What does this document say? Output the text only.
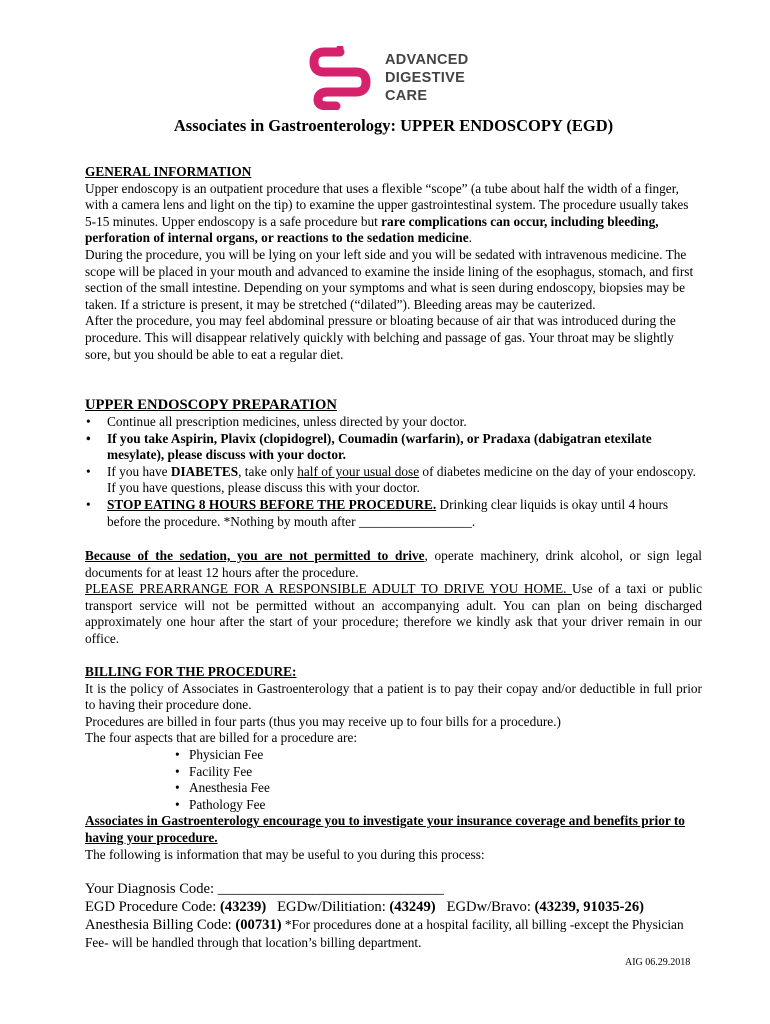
ADVANCED
DIGESTIVE
CARE
Associates in Gastroenterology: UPPER ENDOSCOPY (EGD)

GENERAL INFORMATION

Upper endoscopy is an outpatient procedure that uses a flexible “scope” (a tube about half the width of a finger, with a camera lens and light on the tip) to examine the upper gastrointestinal system. The procedure usually takes 5-15 minutes. Upper endoscopy is a safe procedure but rare complications can occur, including bleeding, perforation of internal organs, or reactions to the sedation medicine.

During the procedure, you will be lying on your left side and you will be sedated with intravenous medicine. The scope will be placed in your mouth and advanced to examine the inside lining of the esophagus, stomach, and first section of the small intestine. Depending on your symptoms and what is seen during endoscopy, biopsies may be taken. If a stricture is present, it may be stretched (“dilated”). Bleeding areas may be cauterized.

After the procedure, you may feel abdominal pressure or bloating because of air that was introduced during the procedure. This will disappear relatively quickly with belching and passage of gas. Your throat may be slightly sore, but you should be able to eat a regular diet.

UPPER ENDOSCOPY PREPARATION

• Continue all prescription medicines, unless directed by your doctor.
• If you take Aspirin, Plavix (clopidogrel), Coumadin (warfarin), or Pradaxa (dabigatran etexilate mesylate), please discuss with your doctor.
• If you have DIABETES, take only half of your usual dose of diabetes medicine on the day of your endoscopy. If you have questions, please discuss this with your doctor.
• STOP EATING 8 HOURS BEFORE THE PROCEDURE. Drinking clear liquids is okay until 4 hours before the procedure. *Nothing by mouth after _________________.

Because of the sedation, you are not permitted to drive, operate machinery, drink alcohol, or sign legal documents for at least 12 hours after the procedure.

PLEASE PREARRANGE FOR A RESPONSIBLE ADULT TO DRIVE YOU HOME. Use of a taxi or public transport service will not be permitted without an accompanying adult. You can plan on being discharged approximately one hour after the start of your procedure; therefore we kindly ask that your driver remain in our office.

BILLING FOR THE PROCEDURE:

It is the policy of Associates in Gastroenterology that a patient is to pay their copay and/or deductible in full prior to having their procedure done.

Procedures are billed in four parts (thus you may receive up to four bills for a procedure.)

The four aspects that are billed for a procedure are:

• Physician Fee
• Facility Fee
• Anesthesia Fee
• Pathology Fee

Associates in Gastroenterology encourage you to investigate your insurance coverage and benefits prior to having your procedure.

The following is information that may be useful to you during this process:

Your Diagnosis Code: _______________________________

EGD Procedure Code: (43239)   EGDw/Dilitiation: (43249)   EGDw/Bravo: (43239, 91035-26)

Anesthesia Billing Code: (00731) *For procedures done at a hospital facility, all billing -except the Physician Fee- will be handled through that location’s billing department.

AIG 06.29.2018
